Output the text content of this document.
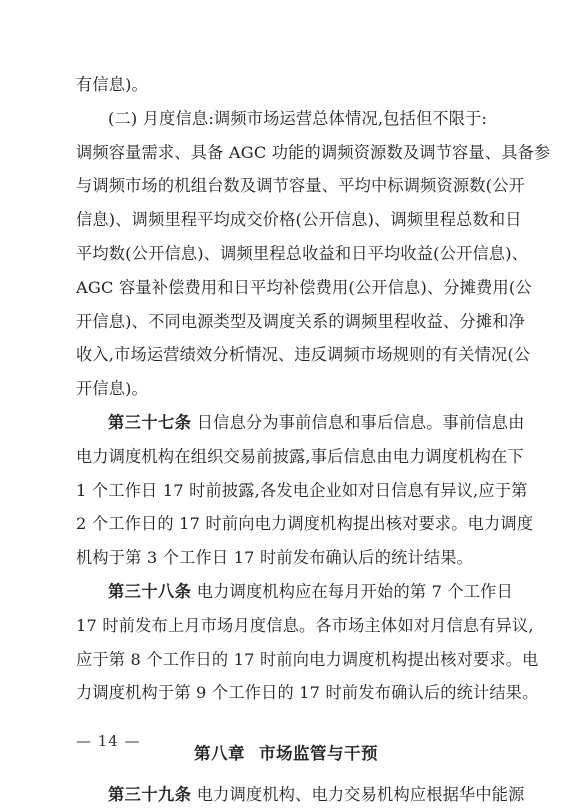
有信息)。
(二) 月度信息:调频市场运营总体情况,包括但不限于:
调频容量需求、具备 AGC 功能的调频资源数及调节容量、具备参
与调频市场的机组台数及调节容量、平均中标调频资源数(公开
信息)、调频里程平均成交价格(公开信息)、调频里程总数和日
平均数(公开信息)、调频里程总收益和日平均收益(公开信息)、
AGC 容量补偿费用和日平均补偿费用(公开信息)、分摊费用(公
开信息)、不同电源类型及调度关系的调频里程收益、分摊和净
收入,市场运营绩效分析情况、违反调频市场规则的有关情况(公
开信息)。
第三十七条 日信息分为事前信息和事后信息。事前信息由
电力调度机构在组织交易前披露,事后信息由电力调度机构在下
1 个工作日 17 时前披露,各发电企业如对日信息有异议,应于第
2 个工作日的 17 时前向电力调度机构提出核对要求。电力调度
机构于第 3 个工作日 17 时前发布确认后的统计结果。
第三十八条 电力调度机构应在每月开始的第 7 个工作日
17 时前发布上月市场月度信息。各市场主体如对月信息有异议,
应于第 8 个工作日的 17 时前向电力调度机构提出核对要求。电
力调度机构于第 9 个工作日的 17 时前发布确认后的统计结果。
第八章 市场监管与干预
第三十九条 电力调度机构、电力交易机构应根据华中能源
— 14 —
